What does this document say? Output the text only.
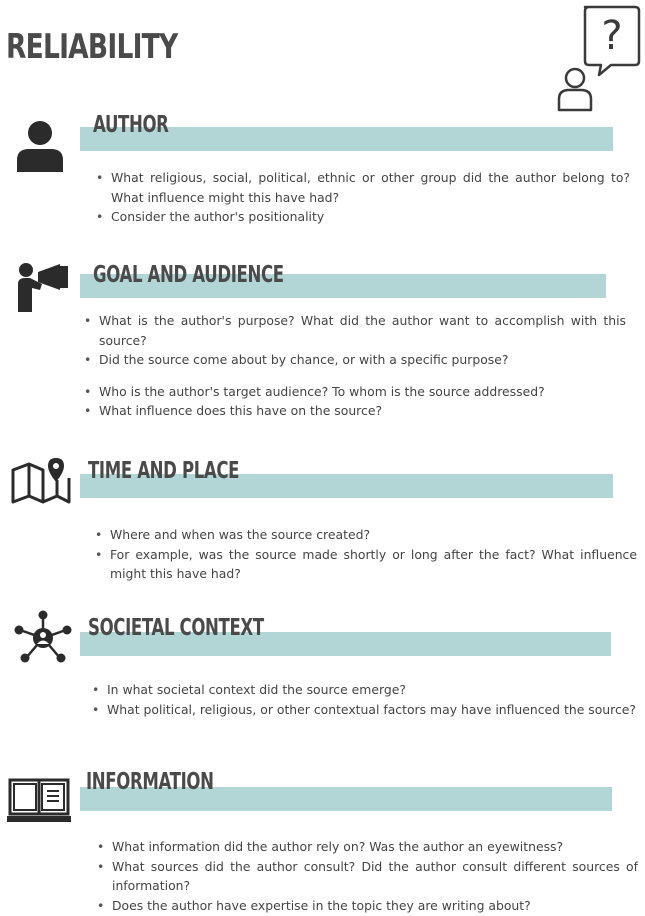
RELIABILITY	?
AUTHOR
• What religious, social, political, ethnic or other group did the author belong to? What influence might this have had?
• Consider the author's positionality
GOAL AND AUDIENCE
• What is the author's purpose? What did the author want to accomplish with this source?
• Did the source come about by chance, or with a specific purpose?
• Who is the author's target audience? To whom is the source addressed?
• What influence does this have on the source?
TIME AND PLACE
• Where and when was the source created?
• For example, was the source made shortly or long after the fact? What influence might this have had?
SOCIETAL CONTEXT
• In what societal context did the source emerge?
• What political, religious, or other contextual factors may have influenced the source?
INFORMATION
• What information did the author rely on? Was the author an eyewitness?
• What sources did the author consult? Did the author consult different sources of information?
• Does the author have expertise in the topic they are writing about?
